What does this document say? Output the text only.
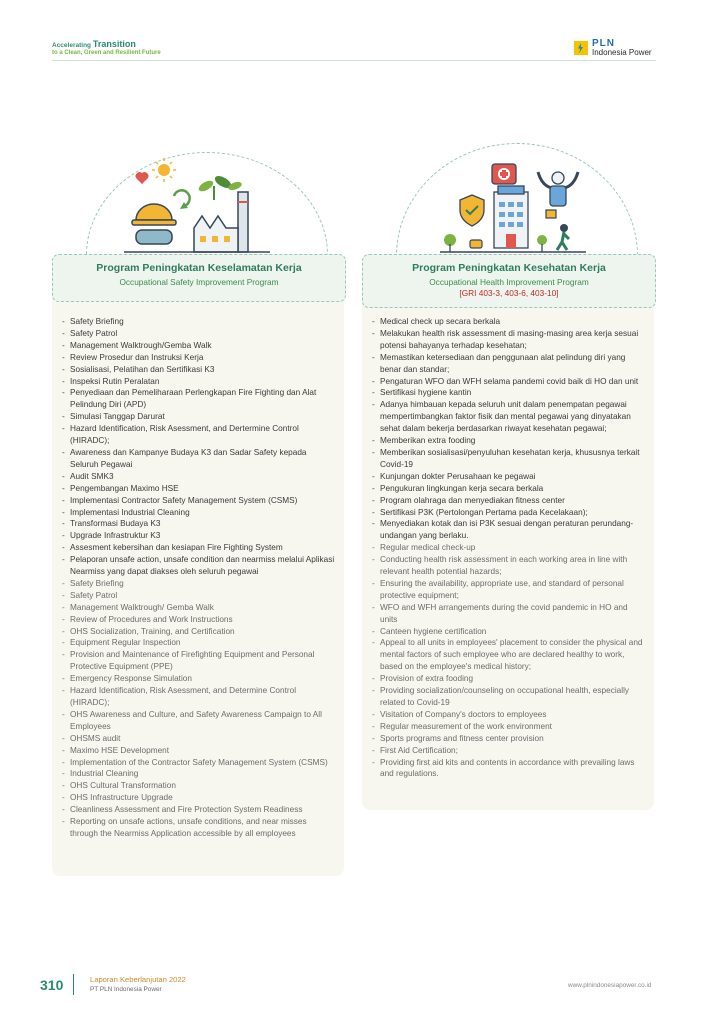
Accelerating Transition
to a Clean, Green and Resilient Future
PLN
Indonesia Power
Program Peningkatan Keselamatan Kerja
Occupational Safety Improvement Program
- Safety Briefing
- Safety Patrol
- Management Walktrough/Gemba Walk
- Review Prosedur dan Instruksi Kerja
- Sosialisasi, Pelatihan dan Sertifikasi K3
- Inspeksi Rutin Peralatan
- Penyediaan dan Pemeliharaan Perlengkapan Fire Fighting dan Alat Pelindung Diri (APD)
- Simulasi Tanggap Darurat
- Hazard Identification, Risk Asessment, and Dertermine Control (HIRADC);
- Awareness dan Kampanye Budaya K3 dan Sadar Safety kepada Seluruh Pegawai
- Audit SMK3
- Pengembangan Maximo HSE
- Implementasi Contractor Safety Management System (CSMS)
- Implementasi Industrial Cleaning
- Transformasi Budaya K3
- Upgrade Infrastruktur K3
- Assesment kebersihan dan kesiapan Fire Fighting System
- Pelaporan unsafe action, unsafe condition dan nearmiss melalui Aplikasi Nearmiss yang dapat diakses oleh seluruh pegawai
- Safety Briefing
- Safety Patrol
- Management Walktrough/ Gemba Walk
- Review of Procedures and Work Instructions
- OHS Socialization, Training, and Certification
- Equipment Regular Inspection
- Provision and Maintenance of Firefighting Equipment and Personal Protective Equipment (PPE)
- Emergency Response Simulation
- Hazard Identification, Risk Asessment, and Determine Control (HIRADC);
- OHS Awareness and Culture, and Safety Awareness Campaign to All Employees
- OHSMS audit
- Maximo HSE Development
- Implementation of the Contractor Safety Management System (CSMS)
- Industrial Cleaning
- OHS Cultural Transformation
- OHS Infrastructure Upgrade
- Cleanliness Assessment and Fire Protection System Readiness
- Reporting on unsafe actions, unsafe conditions, and near misses through the Nearmiss Application accessible by all employees
Program Peningkatan Kesehatan Kerja
Occupational Health Improvement Program
[GRI 403-3, 403-6, 403-10]
- Medical check up secara berkala
- Melakukan health risk assessment di masing-masing area kerja sesuai potensi bahayanya terhadap kesehatan;
- Memastikan ketersediaan dan penggunaan alat pelindung diri yang benar dan standar;
- Pengaturan WFO dan WFH selama pandemi covid baik di HO dan unit
- Sertifikasi hygiene kantin
- Adanya himbauan kepada seluruh unit dalam penempatan pegawai mempertimbangkan faktor fisik dan mental pegawai yang dinyatakan sehat dalam bekerja berdasarkan riwayat kesehatan pegawai;
- Memberikan extra fooding
- Memberikan sosialisasi/penyuluhan kesehatan kerja, khususnya terkait Covid-19
- Kunjungan dokter Perusahaan ke pegawai
- Pengukuran lingkungan kerja secara berkala
- Program olahraga dan menyediakan fitness center
- Sertifikasi P3K (Pertolongan Pertama pada Kecelakaan);
- Menyediakan kotak dan isi P3K sesuai dengan peraturan perundang-undangan yang berlaku.
- Regular medical check-up
- Conducting health risk assessment in each working area in line with relevant health potential hazards;
- Ensuring the availability, appropriate use, and standard of personal protective equipment;
- WFO and WFH arrangements during the covid pandemic in HO and units
- Canteen hygiene certification
- Appeal to all units in employees' placement to consider the physical and mental factors of such employee who are declared healthy to work, based on the employee's medical history;
- Provision of extra fooding
- Providing socialization/counseling on occupational health, especially related to Covid-19
- Visitation of Company's doctors to employees
- Regular measurement of the work environment
- Sports programs and fitness center provision
- First Aid Certification;
- Providing first aid kits and contents in accordance with prevailing laws and regulations.
310	Laporan Keberlanjutan 2022
PT PLN Indonesia Power
www.plnindonesiapower.co.id
